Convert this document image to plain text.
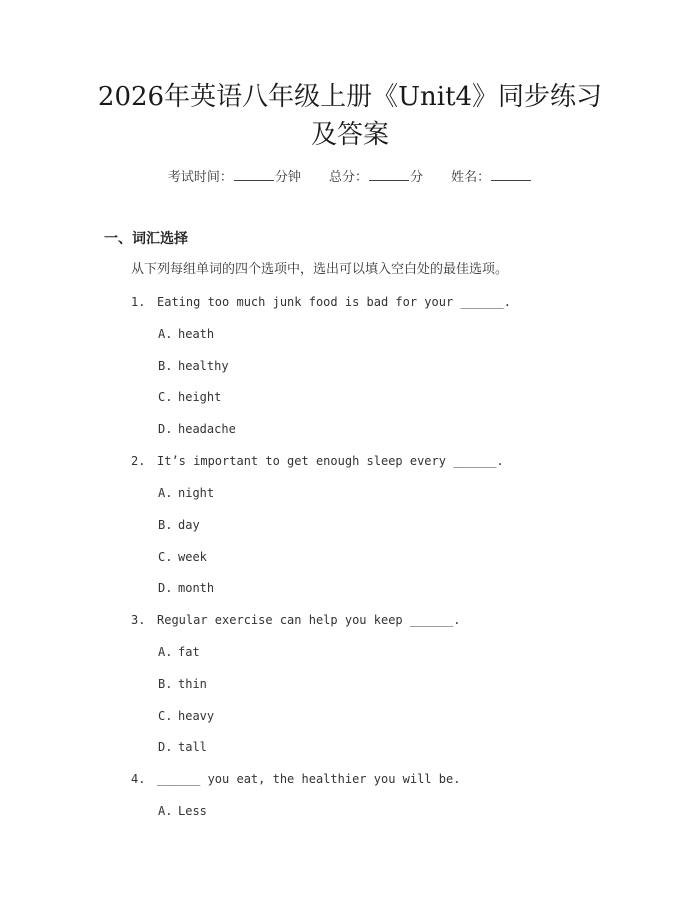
2026年英语八年级上册《Unit4》同步练习
及答案
考试时间：	分钟 总分：	分 姓名：
一、词汇选择
从下列每组单词的四个选项中，选出可以填入空白处的最佳选项。
1. Eating too much junk food is bad for your ______.
A. heath
B. healthy
C. height
D. headache
2. It’s important to get enough sleep every ______.
A. night
B. day
C. week
D. month
3. Regular exercise can help you keep ______.
A. fat
B. thin
C. heavy
D. tall
4. ______ you eat, the healthier you will be.
A. Less
